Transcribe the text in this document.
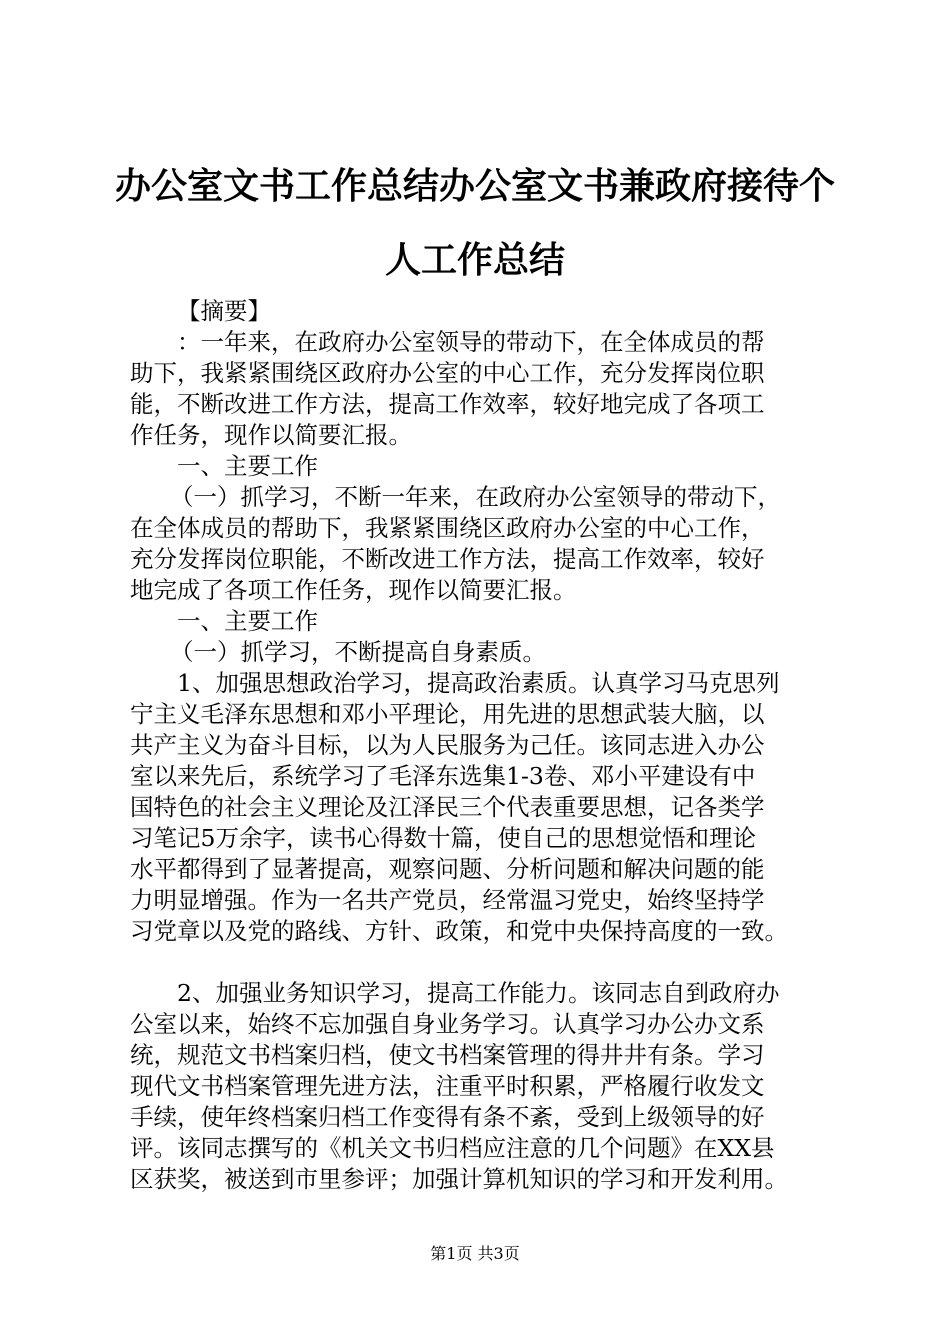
办公室文书工作总结办公室文书兼政府接待个
人工作总结
【摘要】
：一年来，在政府办公室领导的带动下，在全体成员的帮
助下，我紧紧围绕区政府办公室的中心工作，充分发挥岗位职
能，不断改进工作方法，提高工作效率，较好地完成了各项工
作任务，现作以简要汇报。
一、主要工作
（一）抓学习，不断一年来，在政府办公室领导的带动下，
在全体成员的帮助下，我紧紧围绕区政府办公室的中心工作，
充分发挥岗位职能，不断改进工作方法，提高工作效率，较好
地完成了各项工作任务，现作以简要汇报。
一、主要工作
（一）抓学习，不断提高自身素质。
1、加强思想政治学习，提高政治素质。认真学习马克思列
宁主义毛泽东思想和邓小平理论，用先进的思想武装大脑，以
共产主义为奋斗目标，以为人民服务为己任。该同志进入办公
室以来先后，系统学习了毛泽东选集1-3卷、邓小平建设有中
国特色的社会主义理论及江泽民三个代表重要思想，记各类学
习笔记5万余字，读书心得数十篇，使自己的思想觉悟和理论
水平都得到了显著提高，观察问题、分析问题和解决问题的能
力明显增强。作为一名共产党员，经常温习党史，始终坚持学
习党章以及党的路线、方针、政策，和党中央保持高度的一致。
2、加强业务知识学习，提高工作能力。该同志自到政府办
公室以来，始终不忘加强自身业务学习。认真学习办公办文系
统，规范文书档案归档，使文书档案管理的得井井有条。学习
现代文书档案管理先进方法，注重平时积累，严格履行收发文
手续，使年终档案归档工作变得有条不紊，受到上级领导的好
评。该同志撰写的《机关文书归档应注意的几个问题》在XX县
区获奖，被送到市里参评；加强计算机知识的学习和开发利用。
第1页 共3页
